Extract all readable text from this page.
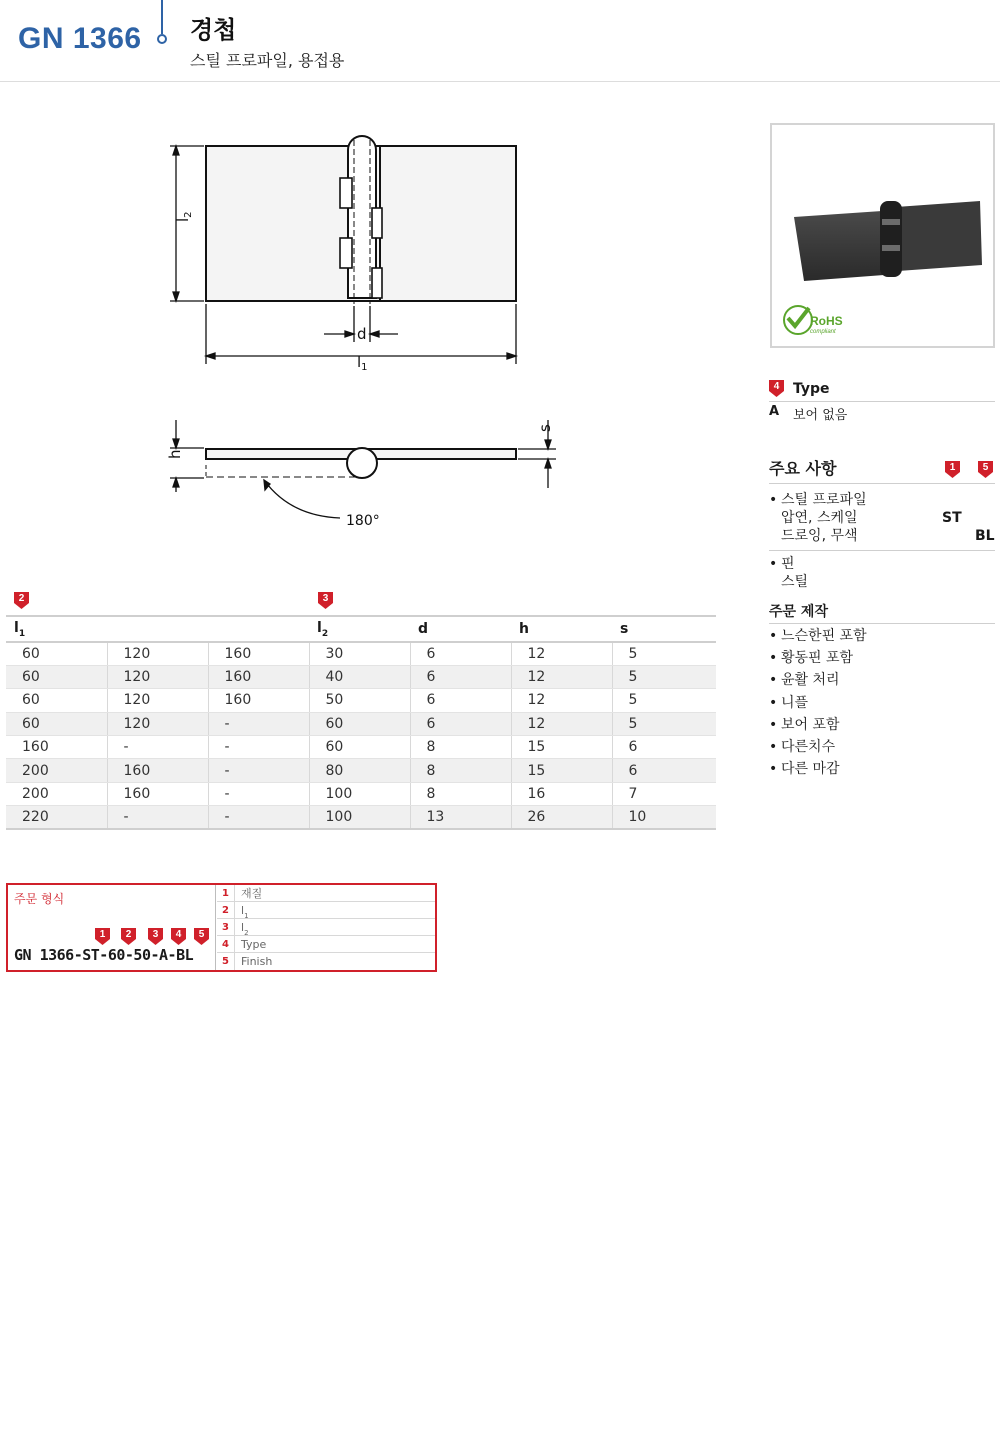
GN 1366 경첩
스틸 프로파일, 용접용
$l_2$
d
$l_1$
s
h
180°
RoHS
compliant
4 Type
A 보어 없음
주요 사항	1	5
• 스틸 프로파일
압연, 스케일	ST
드로잉, 무색	BL
• 핀
스틸
주문 제작
• 느슨한핀 포함
• 황동핀 포함
• 윤활 처리
• 니플
• 보어 포함
• 다른치수
• 다른 마감
2	3
$l_1$			$l_2$	d	h	s
60	120	160	30	6	12	5
60	120	160	40	6	12	5
60	120	160	50	6	12	5
60	120	-	60	6	12	5
160	-	-	60	8	15	6
200	160	-	80	8	15	6
200	160	-	100	8	16	7
220	-	-	100	13	26	10
주문 형식
1	2	3	4	5
GN 1366-ST-60-50-A-BL
1	재질
2	$l_1$
3	$l_2$
4	Type
5	Finish
